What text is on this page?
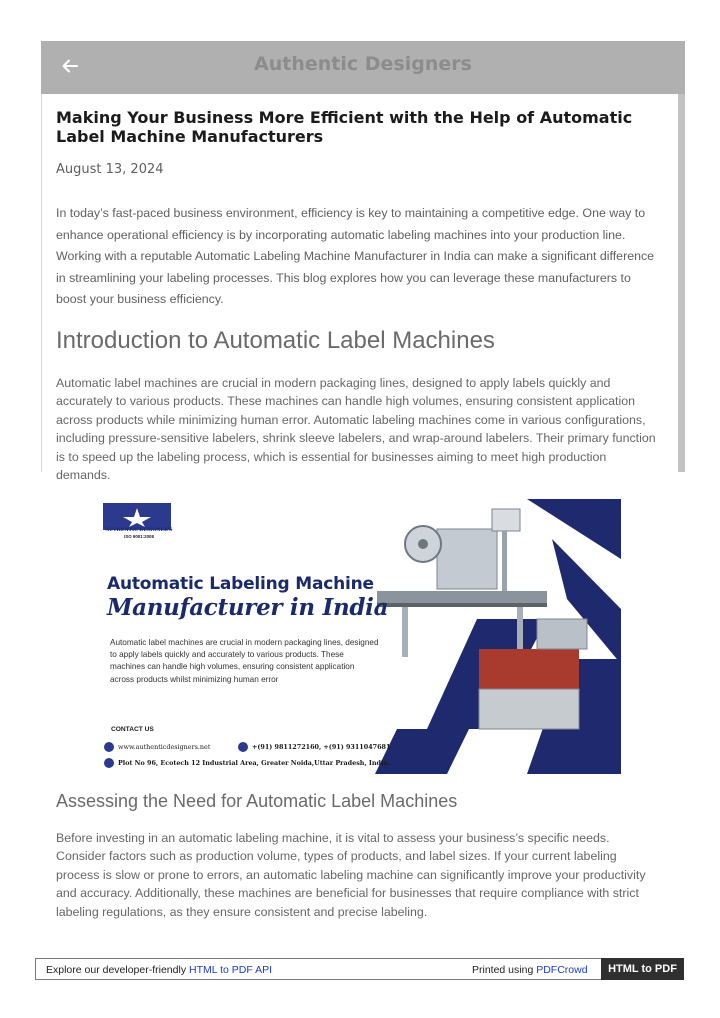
Authentic Designers
Making Your Business More Efficient with the Help of Automatic Label Machine Manufacturers
August 13, 2024

In today’s fast-paced business environment, efficiency is key to maintaining a competitive edge. One way to enhance operational efficiency is by incorporating automatic labeling machines into your production line. Working with a reputable Automatic Labeling Machine Manufacturer in India can make a significant difference in streamlining your labeling processes. This blog explores how you can leverage these manufacturers to boost your business efficiency.

Introduction to Automatic Label Machines

Automatic label machines are crucial in modern packaging lines, designed to apply labels quickly and accurately to various products. These machines can handle high volumes, ensuring consistent application across products while minimizing human error. Automatic labeling machines come in various configurations, including pressure-sensitive labelers, shrink sleeve labelers, and wrap-around labelers. Their primary function is to speed up the labeling process, which is essential for businesses aiming to meet high production demands.

Assessing the Need for Automatic Label Machines

Before investing in an automatic labeling machine, it is vital to assess your business’s specific needs. Consider factors such as production volume, types of products, and label sizes. If your current labeling process is slow or prone to errors, an automatic labeling machine can significantly improve your productivity and accuracy. Additionally, these machines are beneficial for businesses that require compliance with strict labeling regulations, as they ensure consistent and precise labeling.

AUTHENTIC DESIGNER'S
ISO 9001:2008
Automatic Labeling Machine
Manufacturer in India

Automatic label machines are crucial in modern packaging lines, designed to apply labels quickly and accurately to various products. These machines can handle high volumes, ensuring consistent application across products whilst minimizing human error

CONTACT US
www.authenticdesigners.net	+(91) 9811272160, +(91) 9311047681
Plot No 96, Ecotech 12 Industrial Area, Greater Noida,Uttar Pradesh, India.
Explore our developer-friendly HTML to PDF API	Printed using PDFCrowd	HTML to PDF
